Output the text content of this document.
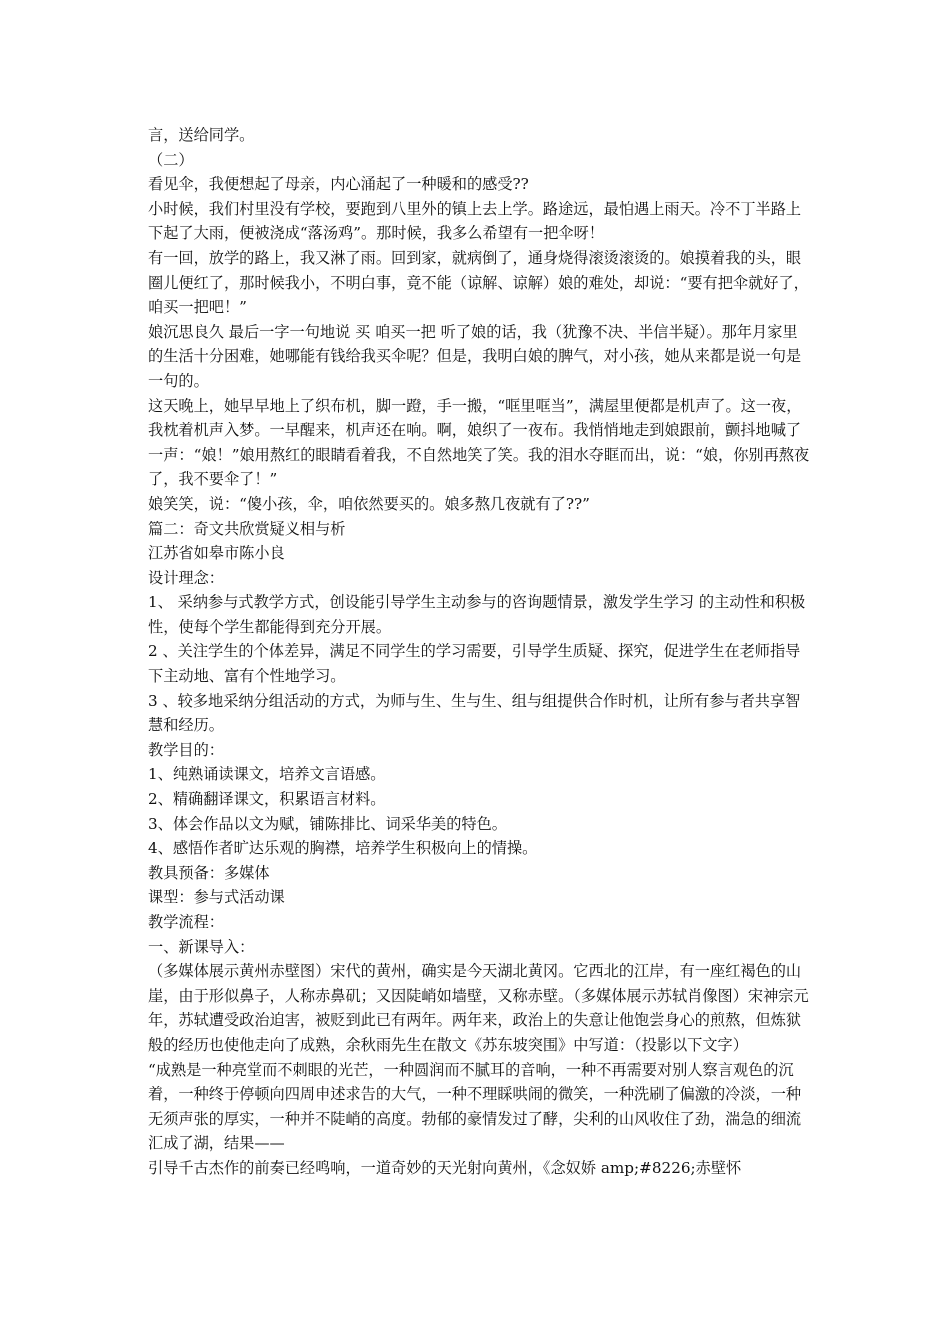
言，送给同学。

（二）

看见伞，我便想起了母亲，内心涌起了一种暖和的感受??

小时候，我们村里没有学校，要跑到八里外的镇上去上学。路途远，最怕遇上雨天。冷不丁半路上下起了大雨，便被浇成“落汤鸡”。那时候，我多么希望有一把伞呀！

有一回，放学的路上，我又淋了雨。回到家，就病倒了，通身烧得滚烫滚烫的。娘摸着我的头，眼圈儿便红了，那时候我小，不明白事，竟不能（谅解、谅解）娘的难处，却说：“要有把伞就好了，咱买一把吧！”

娘沉思良久 最后一字一句地说 买 咱买一把 听了娘的话，我（犹豫不决、半信半疑）。那年月家里的生活十分困难，她哪能有钱给我买伞呢？但是，我明白娘的脾气，对小孩，她从来都是说一句是一句的。

这天晚上，她早早地上了织布机，脚一蹬，手一搬，“哐里哐当”，满屋里便都是机声了。这一夜，我枕着机声入梦。一早醒来，机声还在响。啊，娘织了一夜布。我悄悄地走到娘跟前，颤抖地喊了一声：“娘！”娘用熬红的眼睛看着我，不自然地笑了笑。我的泪水夺眶而出，说：“娘，你别再熬夜了，我不要伞了！”

娘笑笑，说：“傻小孩，伞，咱依然要买的。娘多熬几夜就有了??”

篇二：奇文共欣赏疑义相与析

江苏省如皋市陈小良

设计理念：

1、 采纳参与式教学方式，创设能引导学生主动参与的咨询题情景，激发学生学习 的主动性和积极性，使每个学生都能得到充分开展。

2 、关注学生的个体差异，满足不同学生的学习需要，引导学生质疑、探究，促进学生在老师指导下主动地、富有个性地学习。

3 、较多地采纳分组活动的方式，为师与生、生与生、组与组提供合作时机，让所有参与者共享智慧和经历。

教学目的：

1、纯熟诵读课文，培养文言语感。

2、精确翻译课文，积累语言材料。

3、体会作品以文为赋，铺陈排比、词采华美的特色。

4、感悟作者旷达乐观的胸襟，培养学生积极向上的情操。

教具预备：多媒体

课型：参与式活动课

教学流程：

一、新课导入：

（多媒体展示黄州赤壁图）宋代的黄州，确实是今天湖北黄冈。它西北的江岸，有一座红褐色的山崖，由于形似鼻子，人称赤鼻矶；又因陡峭如墙壁，又称赤壁。（多媒体展示苏轼肖像图）宋神宗元年，苏轼遭受政治迫害，被贬到此已有两年。两年来，政治上的失意让他饱尝身心的煎熬，但炼狱般的经历也使他走向了成熟，余秋雨先生在散文《苏东坡突围》中写道：（投影以下文字）

“成熟是一种亮堂而不刺眼的光芒，一种圆润而不腻耳的音响，一种不再需要对别人察言观色的沉着，一种终于停顿向四周申述求告的大气，一种不理睬哄闹的微笑，一种洗刷了偏激的冷淡，一种无须声张的厚实，一种并不陡峭的高度。勃郁的豪情发过了酵，尖利的山风收住了劲，湍急的细流汇成了湖，结果——

引导千古杰作的前奏已经鸣响，一道奇妙的天光射向黄州，《念奴娇 amp;#8226;赤壁怀
